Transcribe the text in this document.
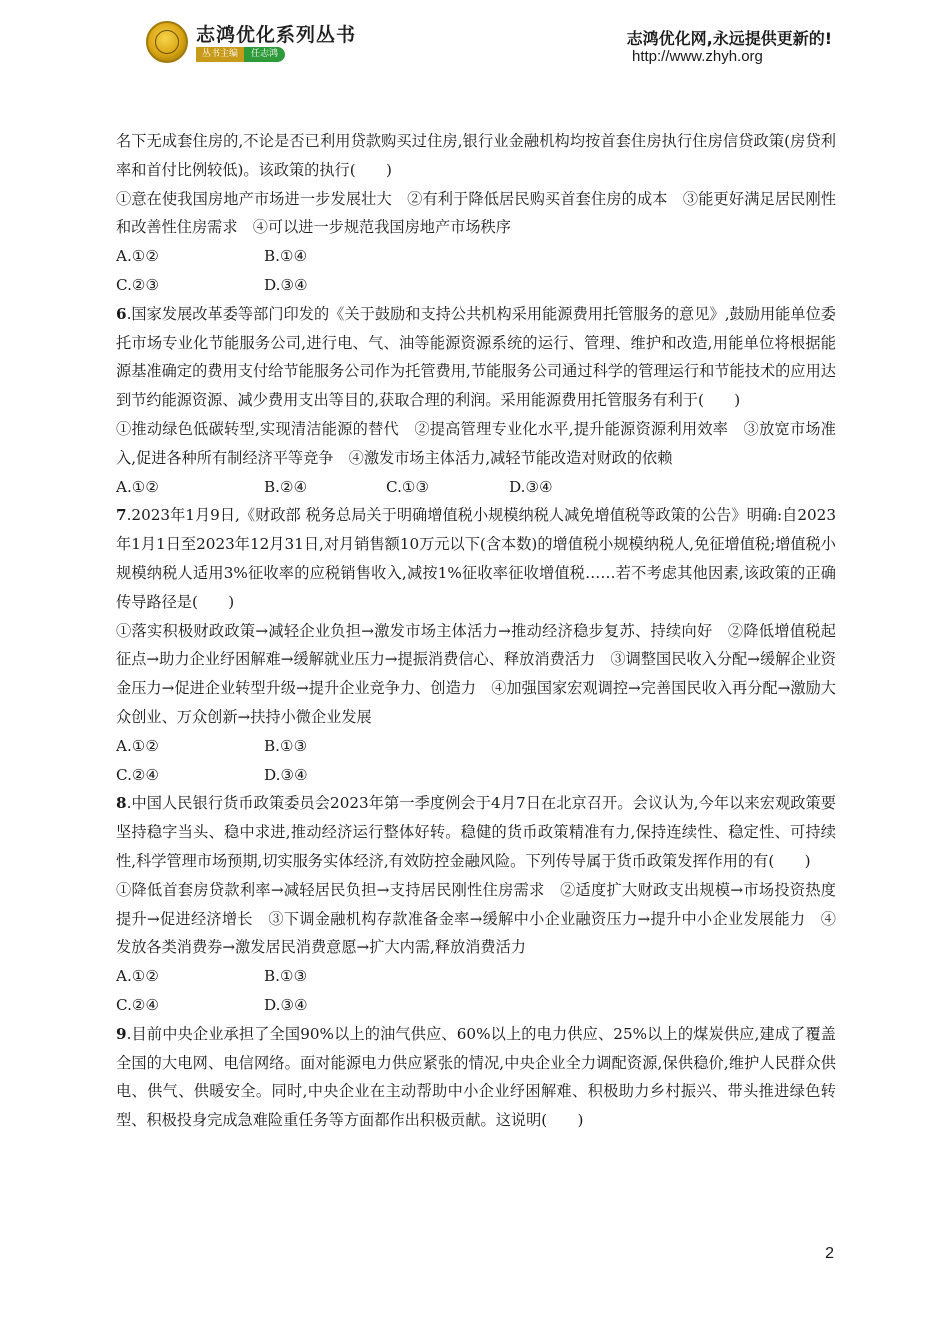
志鸿优化系列丛书
丛书主编	任志鸿
志鸿优化网,永远提供更新的!
http://www.zhyh.org

名下无成套住房的,不论是否已利用贷款购买过住房,银行业金融机构均按首套住房执行住房信贷政策(房贷利率和首付比例较低)。该政策的执行(　　)

①意在使我国房地产市场进一步发展壮大　②有利于降低居民购买首套住房的成本　③能更好满足居民刚性和改善性住房需求　④可以进一步规范我国房地产市场秩序

A.①②	B.①④
C.②③	D.③④

6.国家发展改革委等部门印发的《关于鼓励和支持公共机构采用能源费用托管服务的意见》,鼓励用能单位委托市场专业化节能服务公司,进行电、气、油等能源资源系统的运行、管理、维护和改造,用能单位将根据能源基准确定的费用支付给节能服务公司作为托管费用,节能服务公司通过科学的管理运行和节能技术的应用达到节约能源资源、减少费用支出等目的,获取合理的利润。采用能源费用托管服务有利于(　　)

①推动绿色低碳转型,实现清洁能源的替代　②提高管理专业化水平,提升能源资源利用效率　③放宽市场准入,促进各种所有制经济平等竞争　④激发市场主体活力,减轻节能改造对财政的依赖

A.①②	B.②④	C.①③	D.③④

7.2023年1月9日,《财政部 税务总局关于明确增值税小规模纳税人减免增值税等政策的公告》明确:自2023年1月1日至2023年12月31日,对月销售额10万元以下(含本数)的增值税小规模纳税人,免征增值税;增值税小规模纳税人适用3%征收率的应税销售收入,减按1%征收率征收增值税……若不考虑其他因素,该政策的正确传导路径是(　　)

①落实积极财政政策→减轻企业负担→激发市场主体活力→推动经济稳步复苏、持续向好　②降低增值税起征点→助力企业纾困解难→缓解就业压力→提振消费信心、释放消费活力　③调整国民收入分配→缓解企业资金压力→促进企业转型升级→提升企业竞争力、创造力　④加强国家宏观调控→完善国民收入再分配→激励大众创业、万众创新→扶持小微企业发展

A.①②	B.①③
C.②④	D.③④

8.中国人民银行货币政策委员会2023年第一季度例会于4月7日在北京召开。会议认为,今年以来宏观政策要坚持稳字当头、稳中求进,推动经济运行整体好转。稳健的货币政策精准有力,保持连续性、稳定性、可持续性,科学管理市场预期,切实服务实体经济,有效防控金融风险。下列传导属于货币政策发挥作用的有(　　)

①降低首套房贷款利率→减轻居民负担→支持居民刚性住房需求　②适度扩大财政支出规模→市场投资热度提升→促进经济增长　③下调金融机构存款准备金率→缓解中小企业融资压力→提升中小企业发展能力　④发放各类消费券→激发居民消费意愿→扩大内需,释放消费活力

A.①②	B.①③
C.②④	D.③④

9.目前中央企业承担了全国90%以上的油气供应、60%以上的电力供应、25%以上的煤炭供应,建成了覆盖全国的大电网、电信网络。面对能源电力供应紧张的情况,中央企业全力调配资源,保供稳价,维护人民群众供电、供气、供暖安全。同时,中央企业在主动帮助中小企业纾困解难、积极助力乡村振兴、带头推进绿色转型、积极投身完成急难险重任务等方面都作出积极贡献。这说明(　　)

2
